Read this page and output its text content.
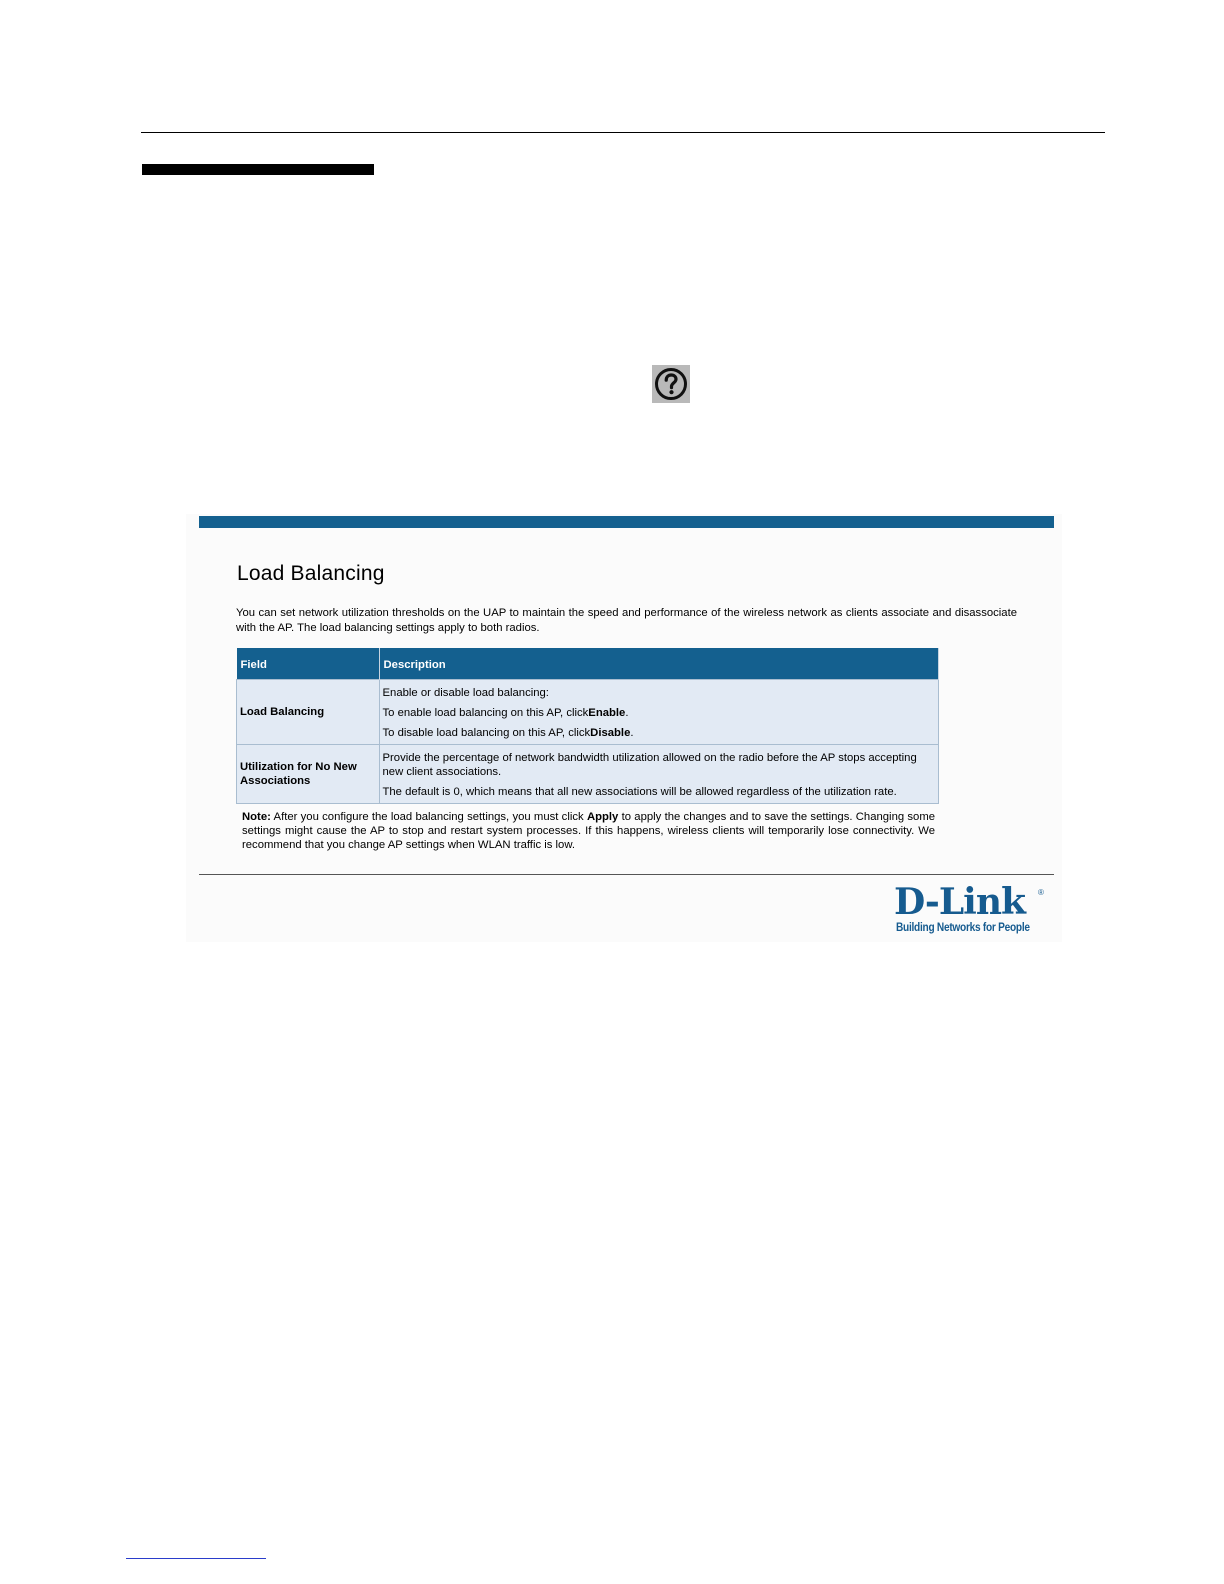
Load Balancing

You can set network utilization thresholds on the UAP to maintain the speed and performance of the wireless network as clients associate and disassociate with the AP. The load balancing settings apply to both radios.

Field	Description

Load Balancing	Enable or disable load balancing:

To enable load balancing on this AP, clickEnable.

To disable load balancing on this AP, clickDisable.

Utilization for No New Associations	Provide the percentage of network bandwidth utilization allowed on the radio before the AP stops accepting new client associations.

The default is 0, which means that all new associations will be allowed regardless of the utilization rate.

Note: After you configure the load balancing settings, you must click Apply to apply the changes and to save the settings. Changing some settings might cause the AP to stop and restart system processes. If this happens, wireless clients will temporarily lose connectivity. We recommend that you change AP settings when WLAN traffic is low.

D-Link ®
Building Networks for People
